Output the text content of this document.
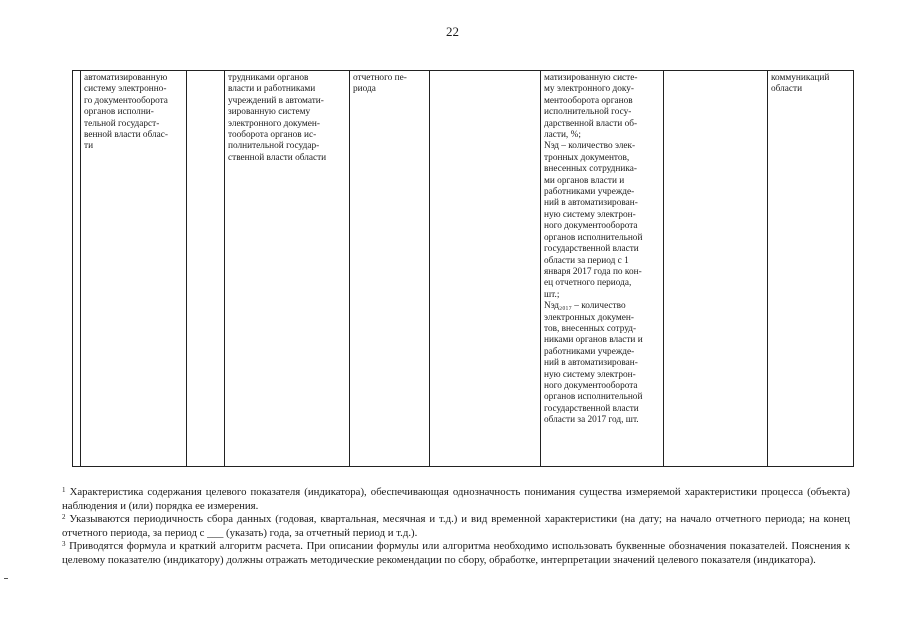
22
	автоматизированную
систему электронно-
го документооборота
органов исполни-
тельной государст-
венной власти облас-
ти		трудниками органов
власти и работниками
учреждений в автомати-
зированную системy
электронного докумен-
тооборота органов ис-
полнительной государ-
ственной власти области	отчетного пе-
риода		матизированную систе-
му электронного доку-
ментооборота органов
исполнительной госу-
дарственной власти об-
ласти, %;
Nэд – количество элек-
тронных документов,
внесенных сотрудника-
ми органов власти и
работниками учрежде-
ний в автоматизирован-
ную систему электрон-
ного документооборота
органов исполнительной
государственной власти
области за период с 1
января 2017 года по кон-
ец отчетного периода,
шт.;
Nэд₂₀₁₇ – количество
электронных докумен-
тов, внесенных сотруд-
никами органов власти и
работниками учрежде-
ний в автоматизирован-
ную систему электрон-
ного документооборота
органов исполнительной
государственной власти
области за 2017 год, шт.		коммуникаций
области	

$^1$ Характеристика содержания целевого показателя (индикатора), обеспечивающая однозначность понимания существа измеряемой характеристики процесса (объекта) наблюдения и (или) порядка ее измерения.

$^2$ Указываются периодичность сбора данных (годовая, квартальная, месячная и т.д.) и вид временной характеристики (на дату; на начало отчетного периода; на конец отчетного периода, за период с ___ (указать) года, за отчетный период и т.д.).

$^3$ Приводятся формула и краткий алгоритм расчета. При описании формулы или алгоритма необходимо использовать буквенные обозначения показателей. Пояснения к целевому показателю (индикатору) должны отражать методические рекомендации по сбору, обработке, интерпретации значений целевого показателя (индикатора).
